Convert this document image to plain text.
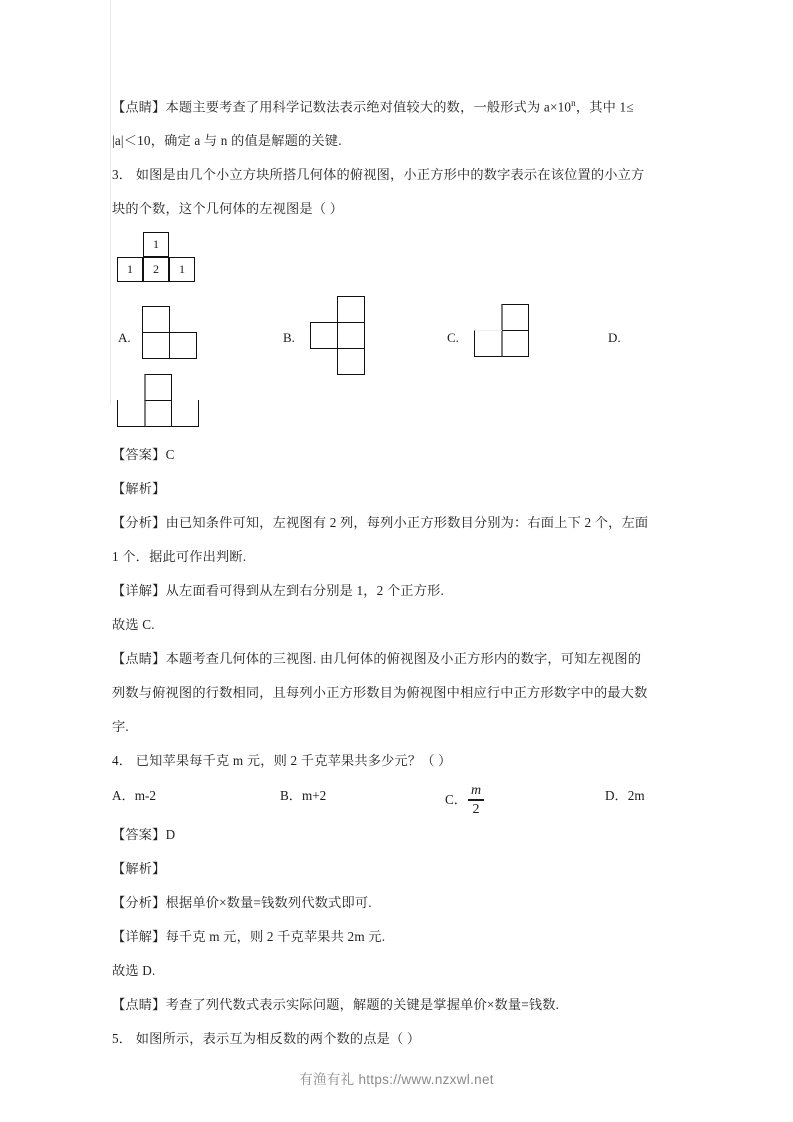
【点睛】本题主要考查了用科学记数法表示绝对值较大的数，一般形式为 $a\times 10^n$，其中 1≤
|a|＜10，确定 a 与 n 的值是解题的关键.
3． 如图是由几个小立方块所搭几何体的俯视图，小正方形中的数字表示在该位置的小立方
块的个数，这个几何体的左视图是（ ）
1
1	2	1
A.	B.	C.	D.
【答案】C
【解析】
【分析】由已知条件可知，左视图有 2 列，每列小正方形数目分别为：右面上下 2 个，左面
1 个．据此可作出判断.
【详解】从左面看可得到从左到右分别是 1，2 个正方形.
故选 C.
【点睛】本题考查几何体的三视图. 由几何体的俯视图及小正方形内的数字，可知左视图的
列数与俯视图的行数相同，且每列小正方形数目为俯视图中相应行中正方形数字中的最大数
字.
4． 已知苹果每千克 m 元，则 2 千克苹果共多少元？（ ）
A．m-2	B．m+2	C． $\frac{m}{2}$	D．2m
【答案】D
【解析】
【分析】根据单价×数量=钱数列代数式即可.
【详解】每千克 m 元，则 2 千克苹果共 2m 元.
故选 D.
【点睛】考查了列代数式表示实际问题，解题的关键是掌握单价×数量=钱数.
5． 如图所示，表示互为相反数的两个数的点是（ ）
有渔有礼 https://www.nzxwl.net
